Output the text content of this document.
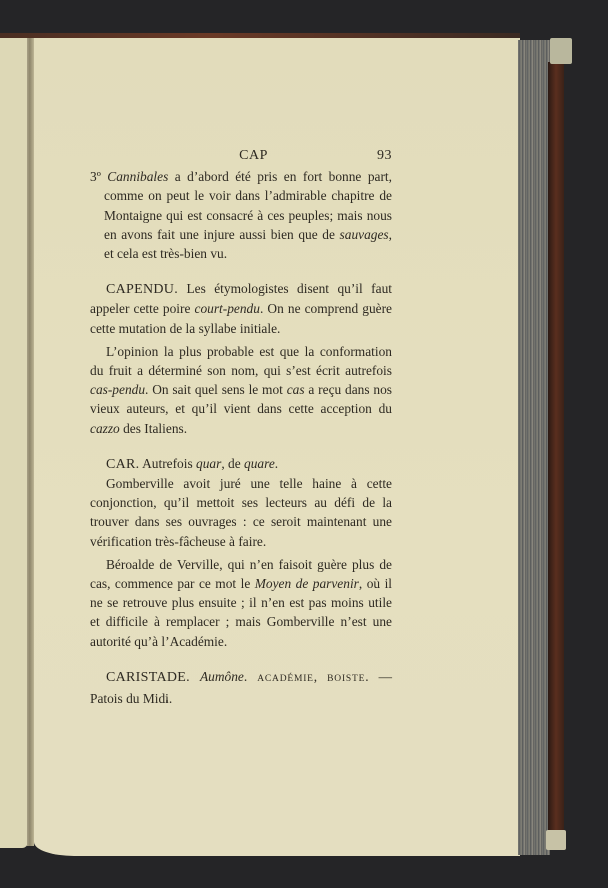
CAP	93

3º Cannibales a d’abord été pris en fort bonne part, comme on peut le voir dans l’admirable chapitre de Montaigne qui est consacré à ces peuples; mais nous en avons fait une injure aussi bien que de sauvages, et cela est très-bien vu.

CAPENDU. Les étymologistes disent qu’il faut appeler cette poire court-pendu. On ne comprend guère cette mutation de la syllabe initiale.

L’opinion la plus probable est que la conformation du fruit a déterminé son nom, qui s’est écrit autrefois cas-pendu. On sait quel sens le mot cas a reçu dans nos vieux auteurs, et qu’il vient dans cette acception du cazzo des Italiens.

CAR. Autrefois quar, de quare.

Gomberville avoit juré une telle haine à cette conjonction, qu’il mettoit ses lecteurs au défi de la trouver dans ses ouvrages : ce seroit maintenant une vérification très-fâcheuse à faire.

Béroalde de Verville, qui n’en faisoit guère plus de cas, commence par ce mot le Moyen de parvenir, où il ne se retrouve plus ensuite ; il n’en est pas moins utile et difficile à remplacer ; mais Gomberville n’est une autorité qu’à l’Académie.

CARISTADE. Aumône. ACADÉMIE, BOISTE. — Patois du Midi.
